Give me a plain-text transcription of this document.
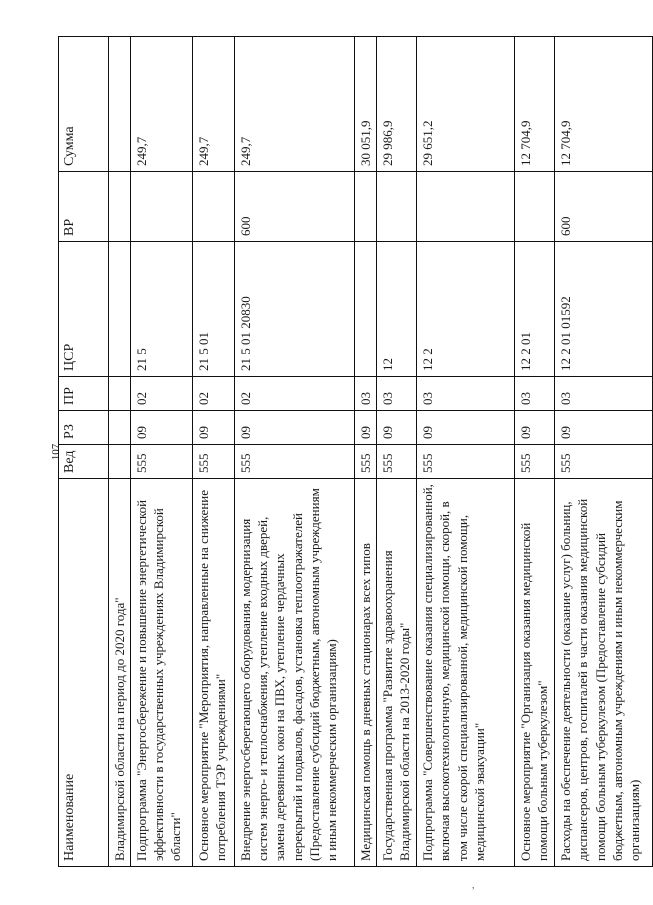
107
Наименование	Вед	РЗ	ПР	ЦСР	ВР	Сумма
Владимирской области на период до 2020 года"						
Подпрограмма "Энергосбережение и повышение энергетической эффективности в государственных учреждениях Владимирской области"	555	09	02	21 5		249,7
Основное мероприятие "Мероприятия, направленные на снижение потребления ТЭР учреждениями"	555	09	02	21 5 01		249,7
Внедрение энергосберегающего оборудования, модернизация систем энерго- и теплоснабжения, утепление входных дверей, замена деревянных окон на ПВХ, утепление чердачных перекрытий и подвалов, фасадов, установка теплоотражателей (Предоставление субсидий бюджетным, автономным учреждениям и иным некоммерческим организациям)	555	09	02	21 5 01 20830	600	249,7
Медицинская помощь в дневных стационарах всех типов	555	09	03			30 051,9
Государственная программа "Развитие здравоохранения Владимирской области на 2013-2020 годы"	555	09	03	12		29 986,9
Подпрограмма "Совершенствование оказания специализированной, включая высокотехнологичную, медицинской помощи, скорой, в том числе скорой специализированной, медицинской помощи, медицинской эвакуации"	555	09	03	12 2		29 651,2
Основное мероприятие "Организация оказания медицинской помощи больным туберкулезом"	555	09	03	12 2 01		12 704,9
Расходы на обеспечение деятельности (оказание услуг) больниц, диспансеров, центров, госпиталей в части оказания медицинской помощи больным туберкулезом (Предоставление субсидий бюджетным, автономным учреждениям и иным некоммерческим организациям)	555	09	03	12 2 01 01592	600	12 704,9
,
